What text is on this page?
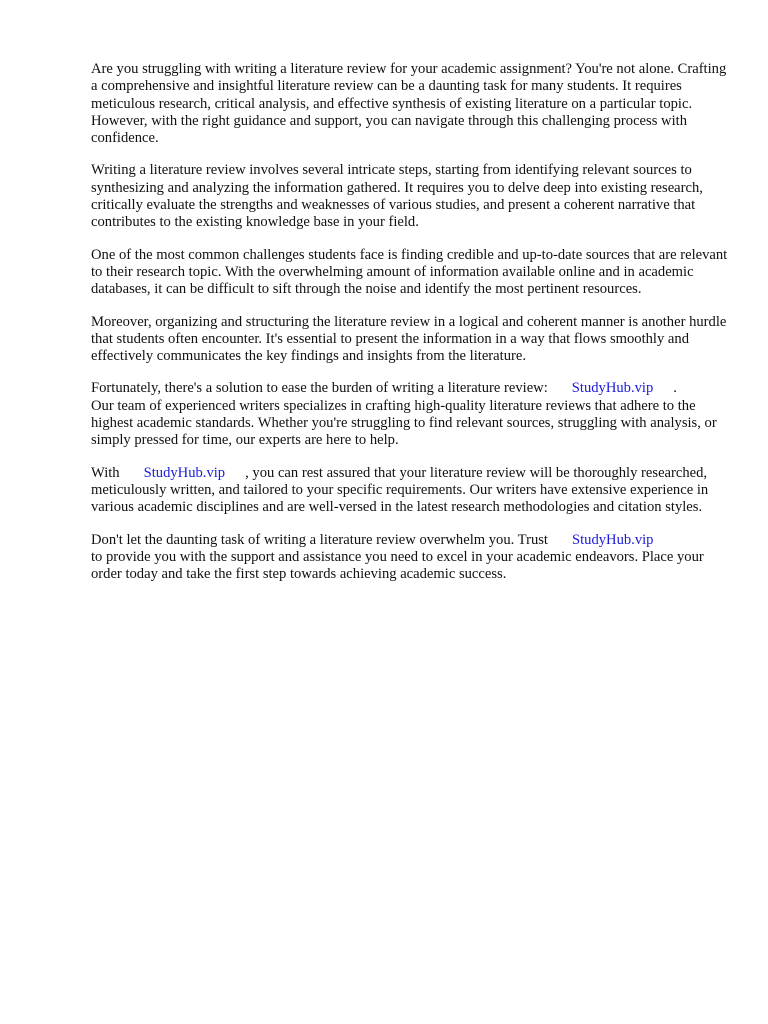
Are you struggling with writing a literature review for your academic assignment? You're not alone. Crafting a comprehensive and insightful literature review can be a daunting task for many students. It requires meticulous research, critical analysis, and effective synthesis of existing literature on a particular topic. However, with the right guidance and support, you can navigate through this challenging process with confidence.

Writing a literature review involves several intricate steps, starting from identifying relevant sources to synthesizing and analyzing the information gathered. It requires you to delve deep into existing research, critically evaluate the strengths and weaknesses of various studies, and present a coherent narrative that contributes to the existing knowledge base in your field.

One of the most common challenges students face is finding credible and up-to-date sources that are relevant to their research topic. With the overwhelming amount of information available online and in academic databases, it can be difficult to sift through the noise and identify the most pertinent resources.

Moreover, organizing and structuring the literature review in a logical and coherent manner is another hurdle that students often encounter. It's essential to present the information in a way that flows smoothly and effectively communicates the key findings and insights from the literature.

Fortunately, there's a solution to ease the burden of writing a literature review: StudyHub.vip .
Our team of experienced writers specializes in crafting high-quality literature reviews that adhere to the highest academic standards. Whether you're struggling to find relevant sources, struggling with analysis, or simply pressed for time, our experts are here to help.

With StudyHub.vip , you can rest assured that your literature review will be thoroughly researched, meticulously written, and tailored to your specific requirements. Our writers have extensive experience in various academic disciplines and are well-versed in the latest research methodologies and citation styles.

Don't let the daunting task of writing a literature review overwhelm you. Trust StudyHub.vip
to provide you with the support and assistance you need to excel in your academic endeavors. Place your order today and take the first step towards achieving academic success.
